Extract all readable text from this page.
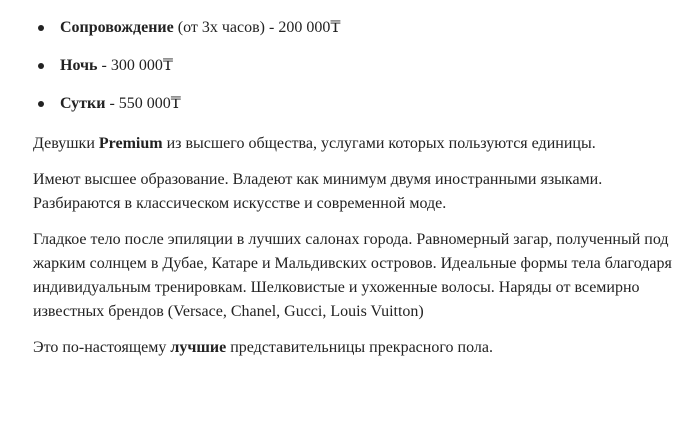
Сопровождение (от 3х часов) - 200 000₸
Ночь - 300 000₸
Сутки - 550 000₸

Девушки Premium из высшего общества, услугами которых пользуются единицы.

Имеют высшее образование. Владеют как минимум двумя иностранными языками. Разбираются в классическом искусстве и современной моде.

Гладкое тело после эпиляции в лучших салонах города. Равномерный загар, полученный под жарким солнцем в Дубае, Катаре и Мальдивских островов. Идеальные формы тела благодаря индивидуальным тренировкам. Шелковистые и ухоженные волосы. Наряды от всемирно известных брендов (Versace, Chanel, Gucci, Louis Vuitton)

Это по-настоящему лучшие представительницы прекрасного пола.
